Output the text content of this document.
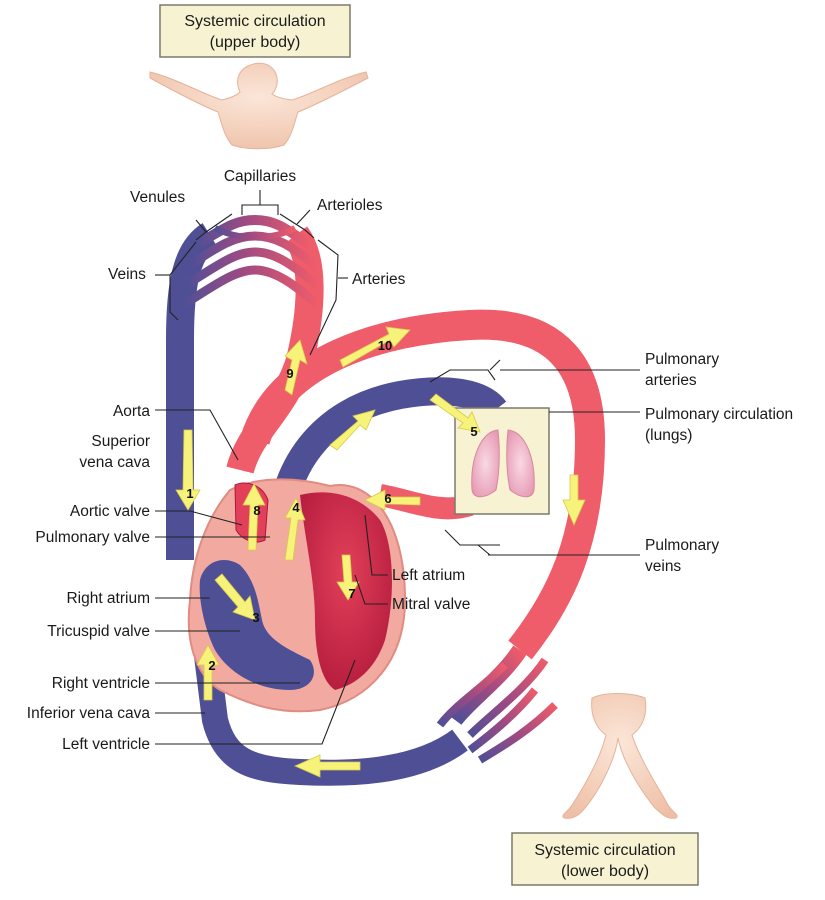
Systemic circulation
(upper body)
1
2
3
4
5
6
7
8
9
10
Capillaries
Venules	Arterioles
Veins	Arteries
Aorta
Superior
vena cava
Aortic valve
Pulmonary valve
Right atrium
Tricuspid valve
Right ventricle
Inferior vena cava
Left ventricle
Left atrium
Mitral valve
Pulmonary
arteries
Pulmonary circulation
(lungs)
Pulmonary
veins
Systemic circulation
(lower body)
